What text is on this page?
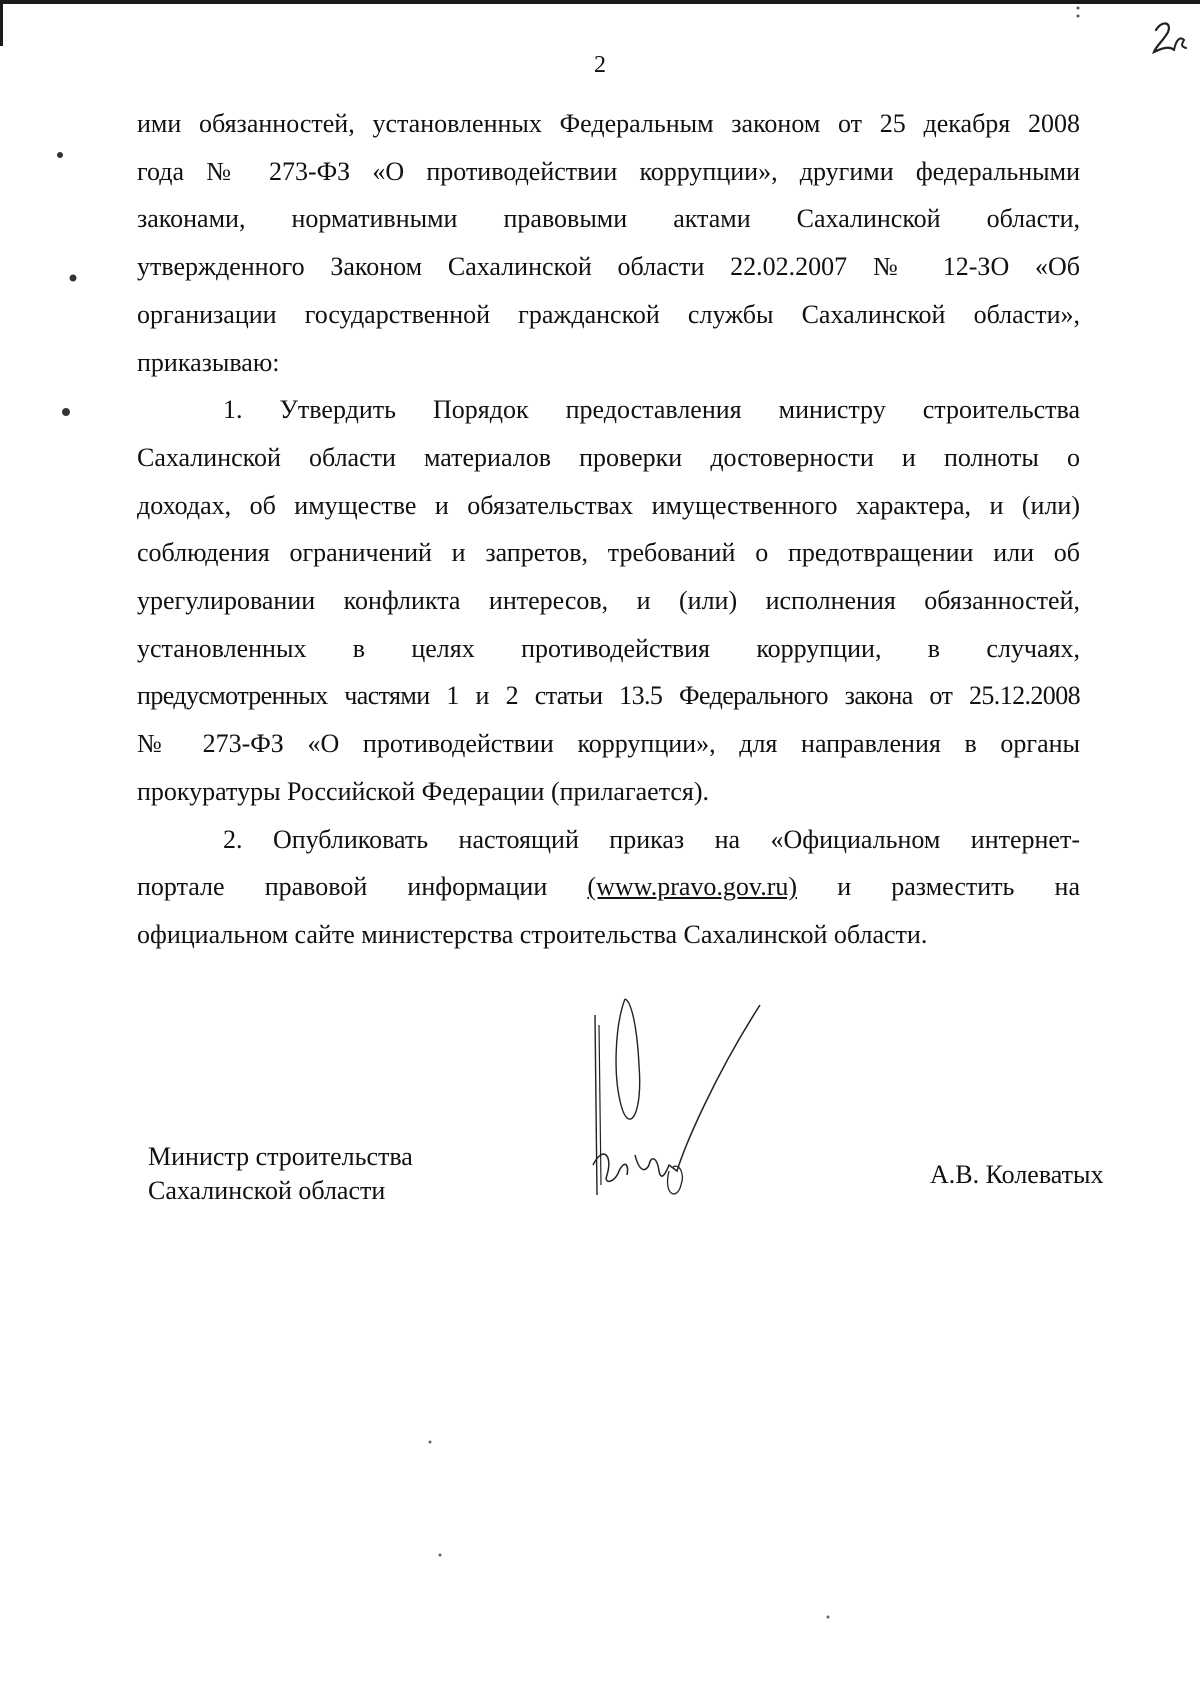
2

ими обязанностей, установленных Федеральным законом от 25 декабря 2008
года № 273-ФЗ «О противодействии коррупции», другими федеральными
законами, нормативными правовыми актами Сахалинской области,
утвержденного Законом Сахалинской области 22.02.2007 № 12-ЗО «Об
организации государственной гражданской службы Сахалинской области»,
приказываю:

1. Утвердить Порядок предоставления министру строительства
Сахалинской области материалов проверки достоверности и полноты о
доходах, об имуществе и обязательствах имущественного характера, и (или)
соблюдения ограничений и запретов, требований о предотвращении или об
урегулировании конфликта интересов, и (или) исполнения обязанностей,
установленных в целях противодействия коррупции, в случаях,
предусмотренных частями 1 и 2 статьи 13.5 Федерального закона от 25.12.2008
№ 273-ФЗ «О противодействии коррупции», для направления в органы
прокуратуры Российской Федерации (прилагается).

2. Опубликовать настоящий приказ на «Официальном интернет-
портале правовой информации (www.pravo.gov.ru) и разместить на
официальном сайте министерства строительства Сахалинской области.

Министр строительства
Сахалинской области
А.В. Колеватых
